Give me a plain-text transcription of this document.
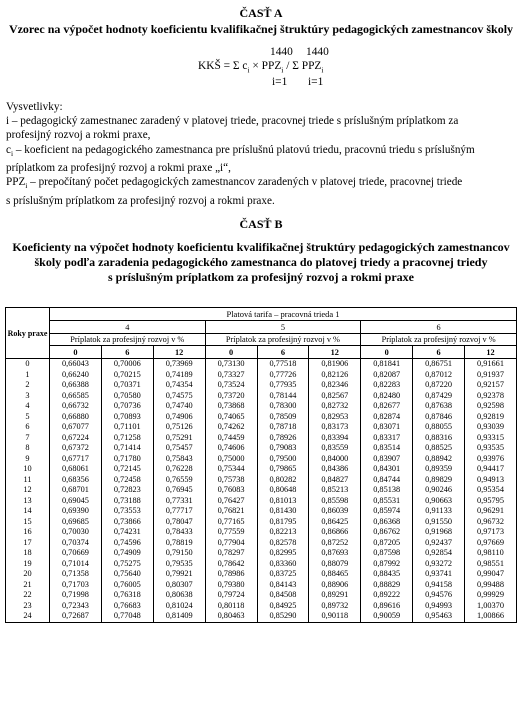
ČASŤ A
Vzorec na výpočet hodnoty koeficientu kvalifikačnej štruktúry pedagogických zamestnancov školy
1440 1440
KKŠ = Σ $c_i \times PPZ_i / \Sigma$ $PPZ_i$
i=1 i=1
Vysvetlivky:
i – pedagogický zamestnanec zaradený v platovej triede, pracovnej triede s príslušným príplatkom za
profesijný rozvoj a rokmi praxe,
$c_i$ – koeficient na pedagogického zamestnanca pre príslušnú platovú triedu, pracovnú triedu s príslušným
príplatkom za profesijný rozvoj a rokmi praxe „i“,
$PPZ_i$ – prepočítaný počet pedagogických zamestnancov zaradených v platovej triede, pracovnej triede
s príslušným príplatkom za profesijný rozvoj a rokmi praxe.
ČASŤ B
Koeficienty na výpočet hodnoty koeficientu kvalifikačnej štruktúry pedagogických zamestnancov
školy podľa zaradenia pedagogického zamestnanca do platovej triedy a pracovnej triedy
s príslušným príplatkom za profesijný rozvoj a rokmi praxe
Roky praxe	Platová tarifa – pracovná trieda 1								
	4			5			6		
	Príplatok za profesijný rozvoj v %			Príplatok za profesijný rozvoj v %			Príplatok za profesijný rozvoj v %		

	0	6	12	0	6	12	0	6	12
0	0,66043	0,70006	0,73969	0,73130	0,77518	0,81906	0,81841	0,86751	0,91661
1	0,66240	0,70215	0,74189	0,73327	0,77726	0,82126	0,82087	0,87012	0,91937
2	0,66388	0,70371	0,74354	0,73524	0,77935	0,82346	0,82283	0,87220	0,92157
3	0,66585	0,70580	0,74575	0,73720	0,78144	0,82567	0,82480	0,87429	0,92378
4	0,66732	0,70736	0,74740	0,73868	0,78300	0,82732	0,82677	0,87638	0,92598
5	0,66880	0,70893	0,74906	0,74065	0,78509	0,82953	0,82874	0,87846	0,92819
6	0,67077	0,71101	0,75126	0,74262	0,78718	0,83173	0,83071	0,88055	0,93039
7	0,67224	0,71258	0,75291	0,74459	0,78926	0,83394	0,83317	0,88316	0,93315
8	0,67372	0,71414	0,75457	0,74606	0,79083	0,83559	0,83514	0,88525	0,93535
9	0,67717	0,71780	0,75843	0,75000	0,79500	0,84000	0,83907	0,88942	0,93976
10	0,68061	0,72145	0,76228	0,75344	0,79865	0,84386	0,84301	0,89359	0,94417
11	0,68356	0,72458	0,76559	0,75738	0,80282	0,84827	0,84744	0,89829	0,94913
12	0,68701	0,72823	0,76945	0,76083	0,80648	0,85213	0,85138	0,90246	0,95354
13	0,69045	0,73188	0,77331	0,76427	0,81013	0,85598	0,85531	0,90663	0,95795
14	0,69390	0,73553	0,77717	0,76821	0,81430	0,86039	0,85974	0,91133	0,96291
15	0,69685	0,73866	0,78047	0,77165	0,81795	0,86425	0,86368	0,91550	0,96732
16	0,70030	0,74231	0,78433	0,77559	0,82213	0,86866	0,86762	0,91968	0,97173
17	0,70374	0,74596	0,78819	0,77904	0,82578	0,87252	0,87205	0,92437	0,97669
18	0,70669	0,74909	0,79150	0,78297	0,82995	0,87693	0,87598	0,92854	0,98110
19	0,71014	0,75275	0,79535	0,78642	0,83360	0,88079	0,87992	0,93272	0,98551
20	0,71358	0,75640	0,79921	0,78986	0,83725	0,88465	0,88435	0,93741	0,99047
21	0,71703	0,76005	0,80307	0,79380	0,84143	0,88906	0,88829	0,94158	0,99488
22	0,71998	0,76318	0,80638	0,79724	0,84508	0,89291	0,89222	0,94576	0,99929
23	0,72343	0,76683	0,81024	0,80118	0,84925	0,89732	0,89616	0,94993	1,00370
24	0,72687	0,77048	0,81409	0,80463	0,85290	0,90118	0,90059	0,95463	1,00866
